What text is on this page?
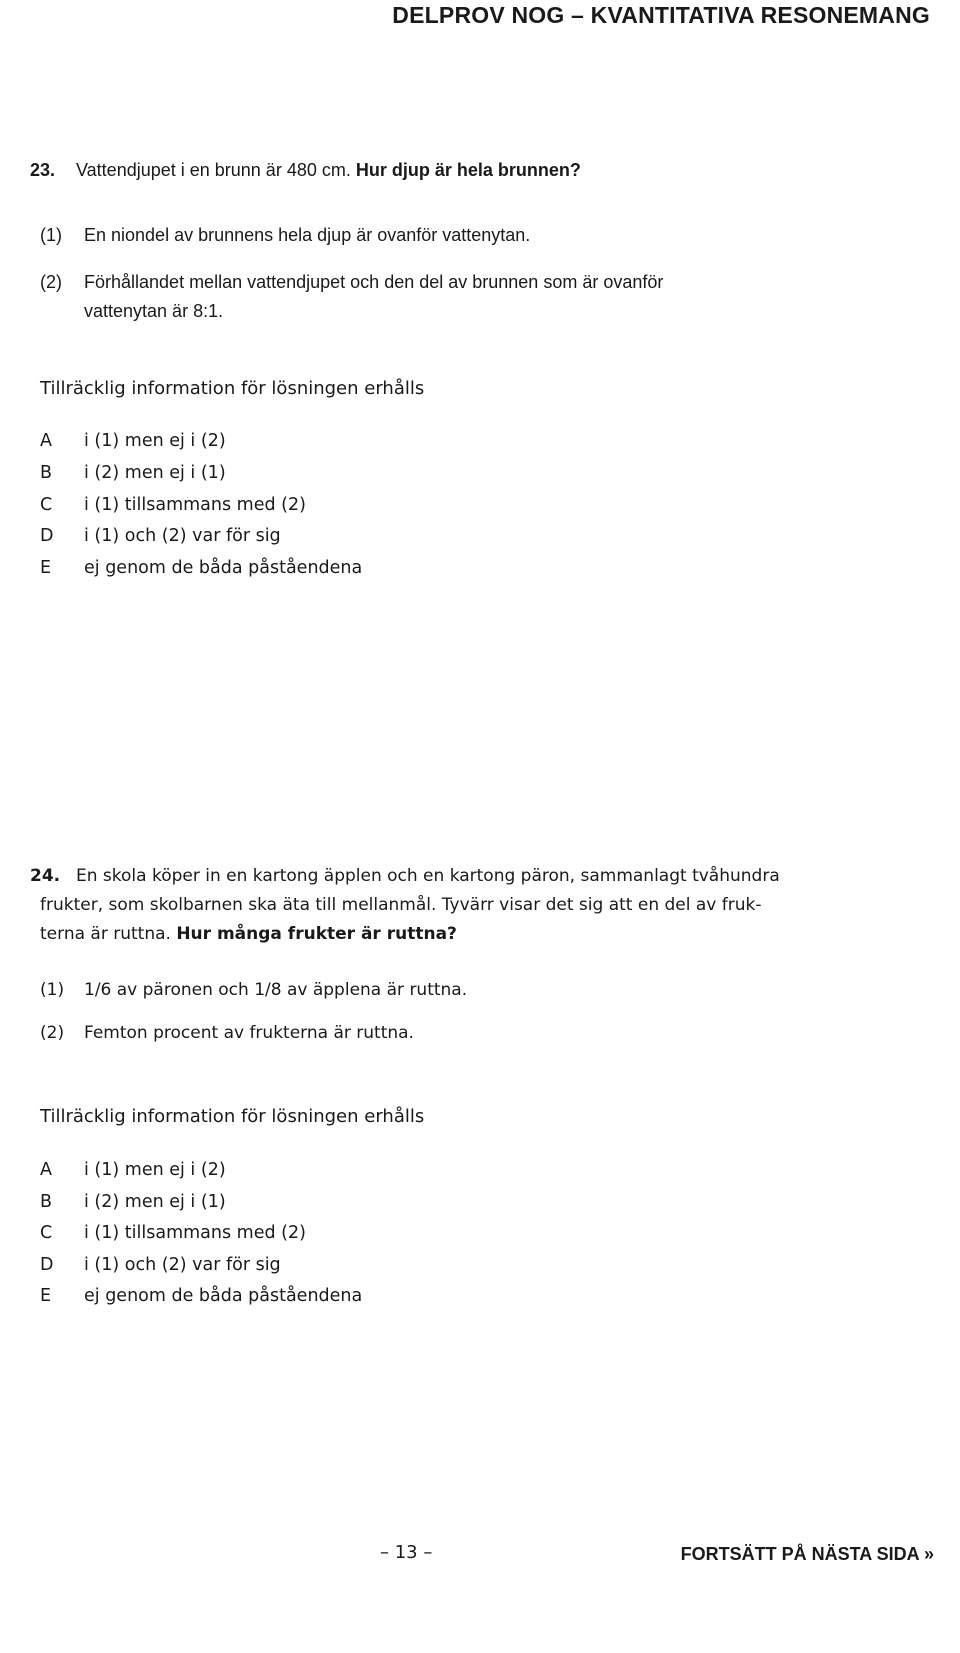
DELPROV NOG – KVANTITATIVA RESONEMANG
23. Vattendjupet i en brunn är 480 cm. Hur djup är hela brunnen?
(1) En niondel av brunnens hela djup är ovanför vattenytan.
(2) Förhållandet mellan vattendjupet och den del av brunnen som är ovanför
vattenytan är 8:1.
Tillräcklig information för lösningen erhålls
A i (1) men ej i (2)
B i (2) men ej i (1)
C i (1) tillsammans med (2)
D i (1) och (2) var för sig
E ej genom de båda påståendena
24. En skola köper in en kartong äpplen och en kartong päron, sammanlagt tvåhundra
frukter, som skolbarnen ska äta till mellanmål. Tyvärr visar det sig att en del av fruk-
terna är ruttna. Hur många frukter är ruttna?
(1) 1/6 av päronen och 1/8 av äpplena är ruttna.
(2) Femton procent av frukterna är ruttna.
Tillräcklig information för lösningen erhålls
A i (1) men ej i (2)
B i (2) men ej i (1)
C i (1) tillsammans med (2)
D i (1) och (2) var för sig
E ej genom de båda påståendena
– 13 –	FORTSÄTT PÅ NÄSTA SIDA »
